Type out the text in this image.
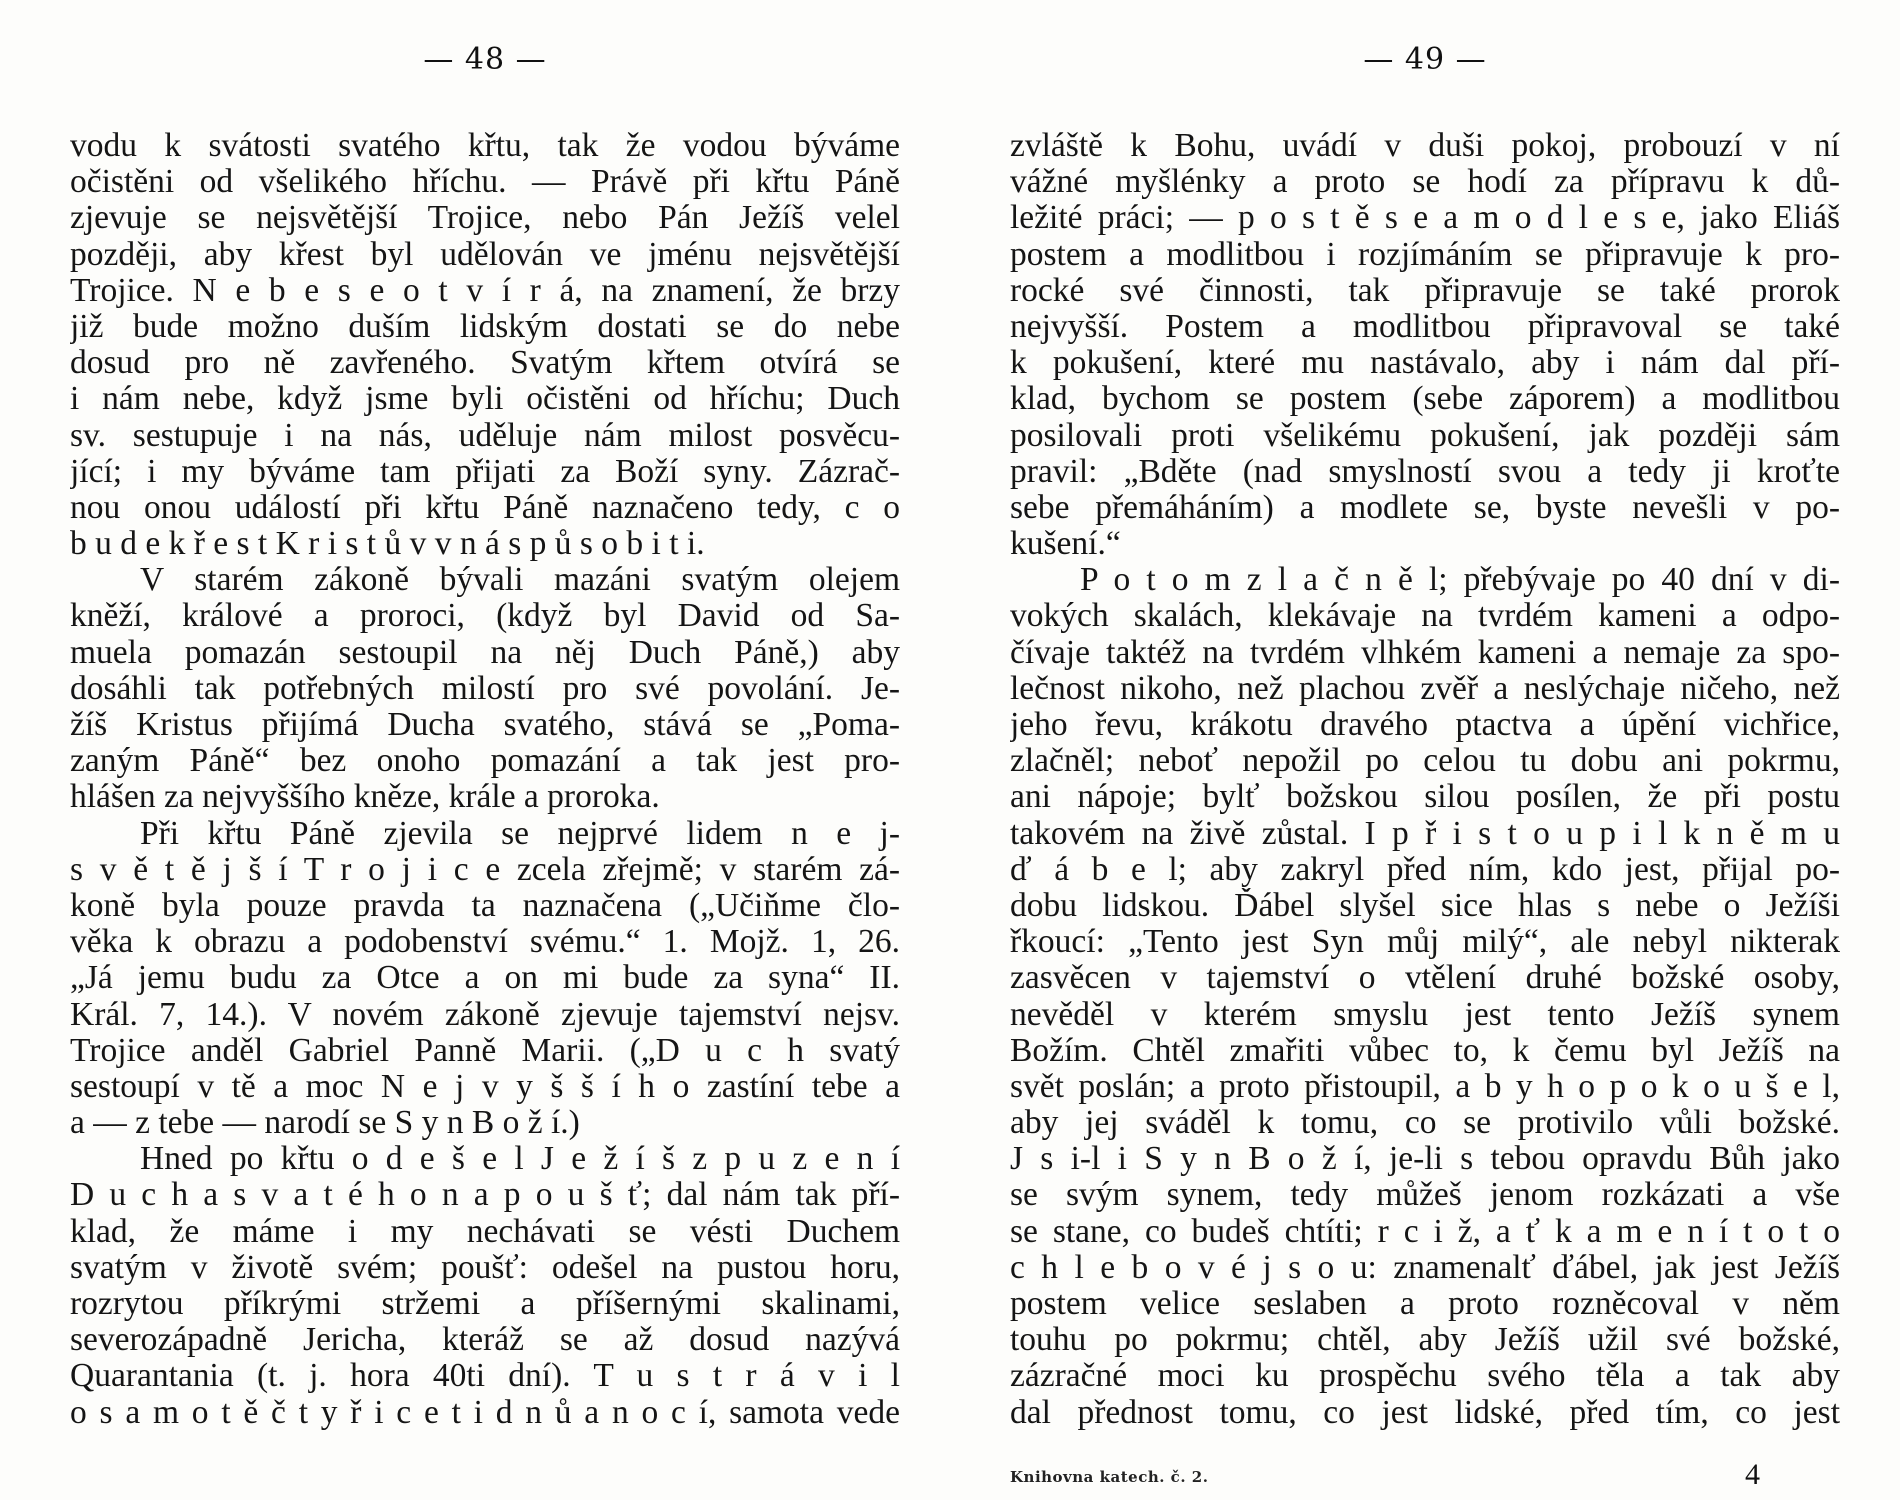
— 48 —
vodu k svátosti svatého křtu, tak že vodou býváme
očistěni od všelikého hříchu. — Právě při křtu Páně
zjevuje se nejsvětější Trojice, nebo Pán Ježíš velel
později, aby křest byl udělován ve jménu nejsvětější
Trojice. N e b e s e o t v í r á, na znamení, že brzy
již bude možno duším lidským dostati se do nebe
dosud pro ně zavřeného. Svatým křtem otvírá se
i nám nebe, když jsme byli očistěni od hříchu; Duch
sv. sestupuje i na nás, uděluje nám milost posvěcu-
jící; i my býváme tam přijati za Boží syny. Zázrač-
nou onou událostí při křtu Páně naznačeno tedy, c o
b u d e k ř e s t K r i s t ů v v n á s p ů s o b i t i.
V starém zákoně bývali mazáni svatým olejem
kněží, králové a proroci, (když byl David od Sa-
muela pomazán sestoupil na něj Duch Páně,) aby
dosáhli tak potřebných milostí pro své povolání. Je-
žíš Kristus přijímá Ducha svatého, stává se „Poma-
zaným Páně“ bez onoho pomazání a tak jest pro-
hlášen za nejvyššího kněze, krále a proroka.
Při křtu Páně zjevila se nejprvé lidem n e j-
s v ě t ě j š í T r o j i c e zcela zřejmě; v starém zá-
koně byla pouze pravda ta naznačena („Učiňme člo-
věka k obrazu a podobenství svému.“ 1. Mojž. 1, 26.
„Já jemu budu za Otce a on mi bude za syna“ II.
Král. 7, 14.). V novém zákoně zjevuje tajemství nejsv.
Trojice anděl Gabriel Panně Marii. („D u c h svatý
sestoupí v tě a moc N e j v y š š í h o zastíní tebe a
a — z tebe — narodí se S y n B o ž í.)
Hned po křtu o d e š e l J e ž í š z p u z e n í
D u c h a s v a t é h o n a p o u š ť; dal nám tak pří-
klad, že máme i my nechávati se vésti Duchem
svatým v životě svém; poušť: odešel na pustou horu,
rozrytou příkrými stržemi a příšernými skalinami,
severozápadně Jericha, kteráž se až dosud nazývá
Quarantania (t. j. hora 40ti dní). T u s t r á v i l
o s a m o t ě č t y ř i c e t i d n ů a n o c í, samota vede
— 49 —
zvláště k Bohu, uvádí v duši pokoj, probouzí v ní
vážné myšlénky a proto se hodí za přípravu k dů-
ležité práci; — p o s t ě s e a m o d l e s e, jako Eliáš
postem a modlitbou i rozjímáním se připravuje k pro-
rocké své činnosti, tak připravuje se také prorok
nejvyšší. Postem a modlitbou připravoval se také
k pokušení, které mu nastávalo, aby i nám dal pří-
klad, bychom se postem (sebe záporem) a modlitbou
posilovali proti všelikému pokušení, jak později sám
pravil: „Bděte (nad smyslností svou a tedy ji kroťte
sebe přemáháním) a modlete se, byste nevešli v po-
kušení.“
P o t o m z l a č n ě l; přebývaje po 40 dní v di-
vokých skalách, klekávaje na tvrdém kameni a odpo-
čívaje taktéž na tvrdém vlhkém kameni a nemaje za spo-
lečnost nikoho, než plachou zvěř a neslýchaje ničeho, než
jeho řevu, krákotu dravého ptactva a úpění vichřice,
zlačněl; neboť nepožil po celou tu dobu ani pokrmu,
ani nápoje; bylť božskou silou posílen, že při postu
takovém na živě zůstal. I p ř i s t o u p i l k n ě m u
ď á b e l; aby zakryl před ním, kdo jest, přijal po-
dobu lidskou. Ďábel slyšel sice hlas s nebe o Ježíši
řkoucí: „Tento jest Syn můj milý“, ale nebyl nikterak
zasvěcen v tajemství o vtělení druhé božské osoby,
nevěděl v kterém smyslu jest tento Ježíš synem
Božím. Chtěl zmařiti vůbec to, k čemu byl Ježíš na
svět poslán; a proto přistoupil, a b y h o p o k o u š e l,
aby jej sváděl k tomu, co se protivilo vůli božské.
J s i-l i S y n B o ž í, je-li s tebou opravdu Bůh jako
se svým synem, tedy můžeš jenom rozkázati a vše
se stane, co budeš chtíti; r c i ž, a ť k a m e n í t o t o
c h l e b o v é j s o u: znamenalť ďábel, jak jest Ježíš
postem velice seslaben a proto rozněcoval v něm
touhu po pokrmu; chtěl, aby Ježíš užil své božské,
zázračné moci ku prospěchu svého těla a tak aby
dal přednost tomu, co jest lidské, před tím, co jest
Knihovna katech. č. 2.	4
